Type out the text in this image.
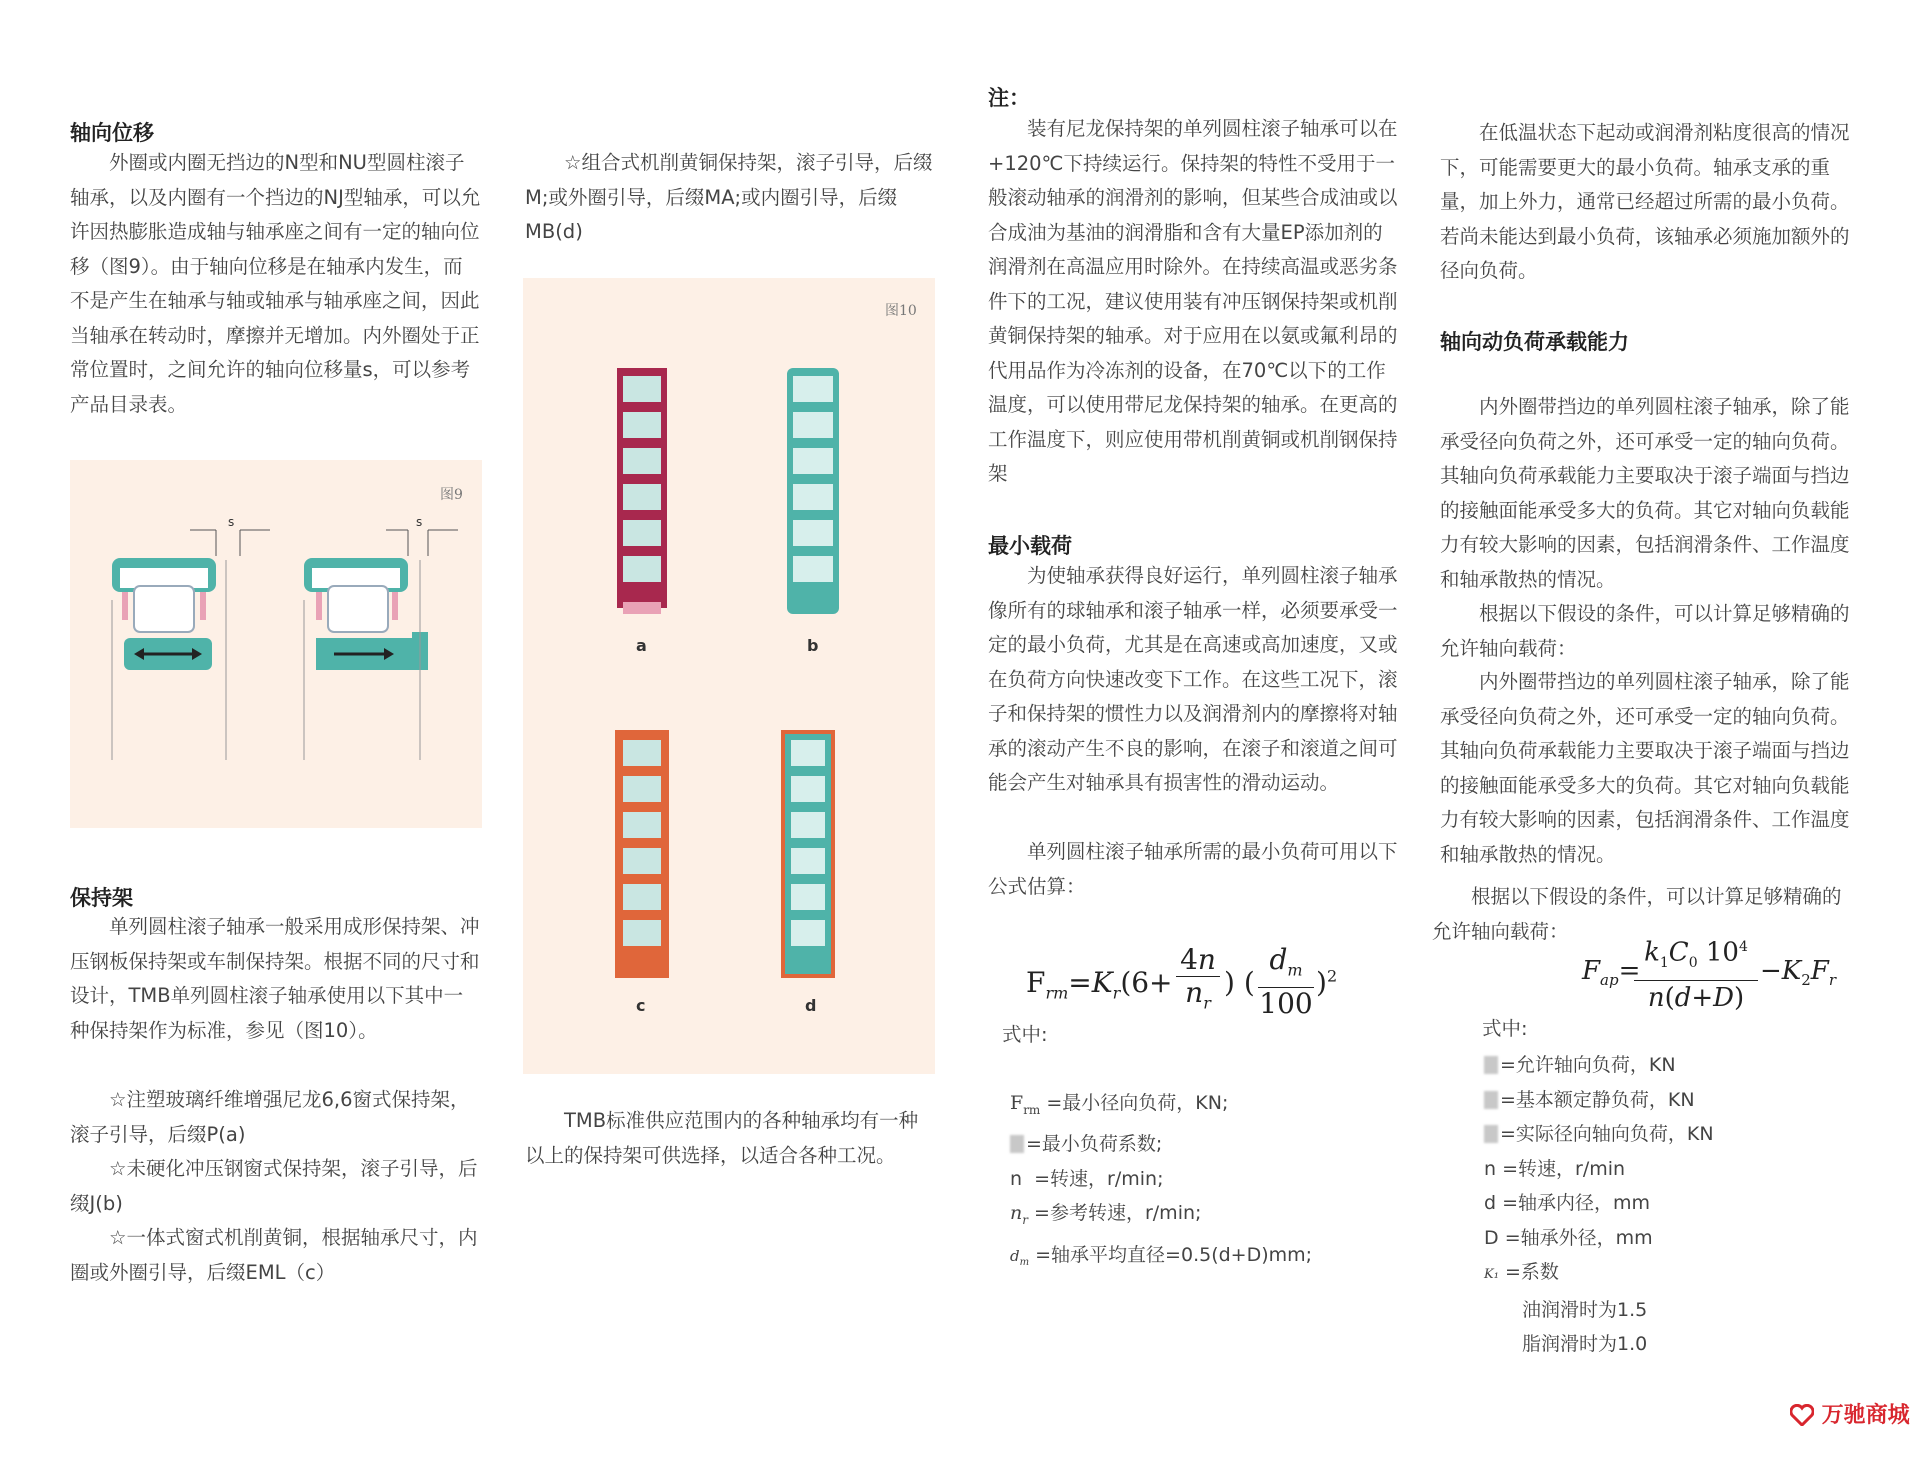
轴向位移
外圈或内圈无挡边的N型和NU型圆柱滚子轴承，以及内圈有一个挡边的NJ型轴承，可以允许因热膨胀造成轴与轴承座之间有一定的轴向位移（图9）。由于轴向位移是在轴承内发生，而不是产生在轴承与轴或轴承与轴承座之间，因此当轴承在转动时，摩擦并无增加。内外圈处于正常位置时，之间允许的轴向位移量s，可以参考产品目录表。
图9
s	s
保持架
单列圆柱滚子轴承一般采用成形保持架、冲压钢板保持架或车制保持架。根据不同的尺寸和设计，TMB单列圆柱滚子轴承使用以下其中一种保持架作为标准，参见（图10）。
☆注塑玻璃纤维增强尼龙6,6窗式保持架，滚子引导，后缀P(a)
☆未硬化冲压钢窗式保持架，滚子引导，后缀J(b)
☆一体式窗式机削黄铜，根据轴承尺寸，内圈或外圈引导，后缀EML（c）
☆组合式机削黄铜保持架，滚子引导，后缀M;或外圈引导，后缀MA;或内圈引导，后缀MB(d)
图10
a	b
c	d
TMB标准供应范围内的各种轴承均有一种以上的保持架可供选择，以适合各种工况。
注：
装有尼龙保持架的单列圆柱滚子轴承可以在+120℃下持续运行。保持架的特性不受用于一般滚动轴承的润滑剂的影响，但某些合成油或以合成油为基油的润滑脂和含有大量EP添加剂的润滑剂在高温应用时除外。在持续高温或恶劣条件下的工况，建议使用装有冲压钢保持架或机削黄铜保持架的轴承。对于应用在以氨或氟利昂的代用品作为冷冻剂的设备，在70℃以下的工作温度，可以使用带尼龙保持架的轴承。在更高的工作温度下，则应使用带机削黄铜或机削钢保持架
最小载荷
为使轴承获得良好运行，单列圆柱滚子轴承像所有的球轴承和滚子轴承一样，必须要承受一定的最小负荷，尤其是在高速或高加速度，又或在负荷方向快速改变下工作。在这些工况下，滚子和保持架的惯性力以及润滑剂内的摩擦将对轴承的滚动产生不良的影响，在滚子和滚道之间可能会产生对轴承具有损害性的滑动运动。
单列圆柱滚子轴承所需的最小负荷可用以下公式估算：
$F_{rm}=K_r(6+$
4n
$n_r$
) (
$d_m$
100
)$^2$
式中:
$F_{rm}$ =最小径向负荷，KN;
=最小负荷系数;
n =转速，r/min;
$n_r$ =参考转速，r/min;
$d_m$ =轴承平均直径=0.5(d+D)mm;
在低温状态下起动或润滑剂粘度很高的情况下，可能需要更大的最小负荷。轴承支承的重量，加上外力，通常已经超过所需的最小负荷。若尚未能达到最小负荷，该轴承必须施加额外的径向负荷。
轴向动负荷承载能力
内外圈带挡边的单列圆柱滚子轴承，除了能承受径向负荷之外，还可承受一定的轴向负荷。其轴向负荷承载能力主要取决于滚子端面与挡边的接触面能承受多大的负荷。其它对轴向负载能力有较大影响的因素，包括润滑条件、工作温度和轴承散热的情况。
根据以下假设的条件，可以计算足够精确的允许轴向载荷：
内外圈带挡边的单列圆柱滚子轴承，除了能承受径向负荷之外，还可承受一定的轴向负荷。其轴向负荷承载能力主要取决于滚子端面与挡边的接触面能承受多大的负荷。其它对轴向负载能力有较大影响的因素，包括润滑条件、工作温度和轴承散热的情况。
根据以下假设的条件，可以计算足够精确的允许轴向载荷：
$F_{ap}=$
$k_1C_0$ $10^4$
n(d+D)
$-K_2F_r$
式中:
=允许轴向负荷，KN
=基本额定静负荷，KN
=实际径向轴向负荷，KN
n =转速，r/min
d =轴承内径，mm
D =轴承外径，mm
K₁ =系数
油润滑时为1.5
脂润滑时为1.0
万驰商城
